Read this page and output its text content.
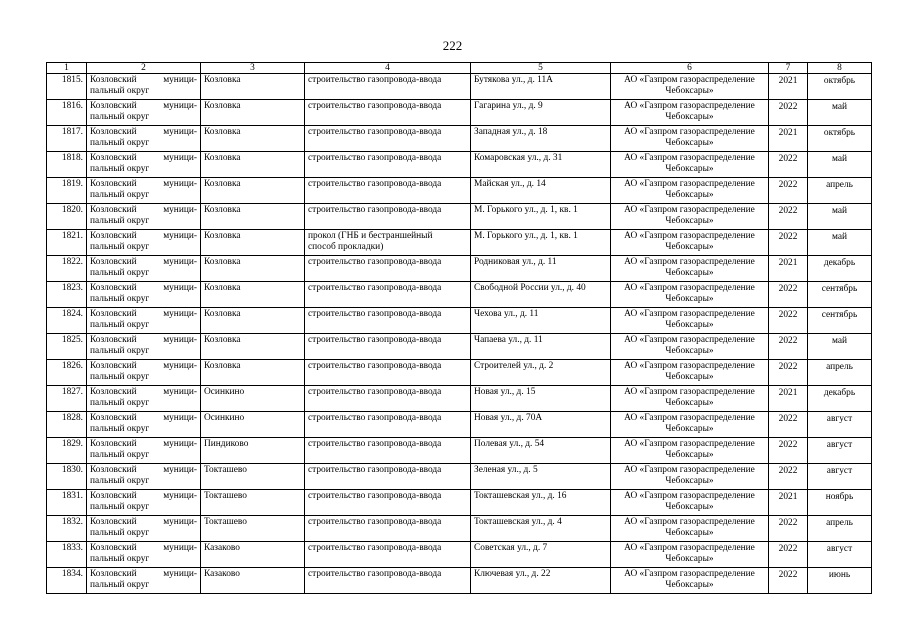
222
1	2	3	4	5	6	7	8
1815.	Козловский муници-
пальный округ	Козловка	строительство газопровода-ввода	Бутякова ул., д. 11А	АО «Газпром газораспределение
Чебоксары»	2021	октябрь
1816.	Козловский муници-
пальный округ	Козловка	строительство газопровода-ввода	Гагарина ул., д. 9	АО «Газпром газораспределение
Чебоксары»	2022	май
1817.	Козловский муници-
пальный округ	Козловка	строительство газопровода-ввода	Западная ул., д. 18	АО «Газпром газораспределение
Чебоксары»	2021	октябрь
1818.	Козловский муници-
пальный округ	Козловка	строительство газопровода-ввода	Комаровская ул., д. 31	АО «Газпром газораспределение
Чебоксары»	2022	май
1819.	Козловский муници-
пальный округ	Козловка	строительство газопровода-ввода	Майская ул., д. 14	АО «Газпром газораспределение
Чебоксары»	2022	апрель
1820.	Козловский муници-
пальный округ	Козловка	строительство газопровода-ввода	М. Горького ул., д. 1, кв. 1	АО «Газпром газораспределение
Чебоксары»	2022	май
1821.	Козловский муници-
пальный округ	Козловка	прокол (ГНБ и бестраншейный
способ прокладки)	М. Горького ул., д. 1, кв. 1	АО «Газпром газораспределение
Чебоксары»	2022	май
1822.	Козловский муници-
пальный округ	Козловка	строительство газопровода-ввода	Родниковая ул., д. 11	АО «Газпром газораспределение
Чебоксары»	2021	декабрь
1823.	Козловский муници-
пальный округ	Козловка	строительство газопровода-ввода	Свободной России ул., д. 40	АО «Газпром газораспределение
Чебоксары»	2022	сентябрь
1824.	Козловский муници-
пальный округ	Козловка	строительство газопровода-ввода	Чехова ул., д. 11	АО «Газпром газораспределение
Чебоксары»	2022	сентябрь
1825.	Козловский муници-
пальный округ	Козловка	строительство газопровода-ввода	Чапаева ул., д. 11	АО «Газпром газораспределение
Чебоксары»	2022	май
1826.	Козловский муници-
пальный округ	Козловка	строительство газопровода-ввода	Строителей ул., д. 2	АО «Газпром газораспределение
Чебоксары»	2022	апрель
1827.	Козловский муници-
пальный округ	Осинкино	строительство газопровода-ввода	Новая ул., д. 15	АО «Газпром газораспределение
Чебоксары»	2021	декабрь
1828.	Козловский муници-
пальный округ	Осинкино	строительство газопровода-ввода	Новая ул., д. 70А	АО «Газпром газораспределение
Чебоксары»	2022	август
1829.	Козловский муници-
пальный округ	Пиндиково	строительство газопровода-ввода	Полевая ул., д. 54	АО «Газпром газораспределение
Чебоксары»	2022	август
1830.	Козловский муници-
пальный округ	Токташево	строительство газопровода-ввода	Зеленая ул., д. 5	АО «Газпром газораспределение
Чебоксары»	2022	август
1831.	Козловский муници-
пальный округ	Токташево	строительство газопровода-ввода	Токташевская ул., д. 16	АО «Газпром газораспределение
Чебоксары»	2021	ноябрь
1832.	Козловский муници-
пальный округ	Токташево	строительство газопровода-ввода	Токташевская ул., д. 4	АО «Газпром газораспределение
Чебоксары»	2022	апрель
1833.	Козловский муници-
пальный округ	Казаково	строительство газопровода-ввода	Советская ул., д. 7	АО «Газпром газораспределение
Чебоксары»	2022	август
1834.	Козловский муници-
пальный округ	Казаково	строительство газопровода-ввода	Ключевая ул., д. 22	АО «Газпром газораспределение
Чебоксары»	2022	июнь
